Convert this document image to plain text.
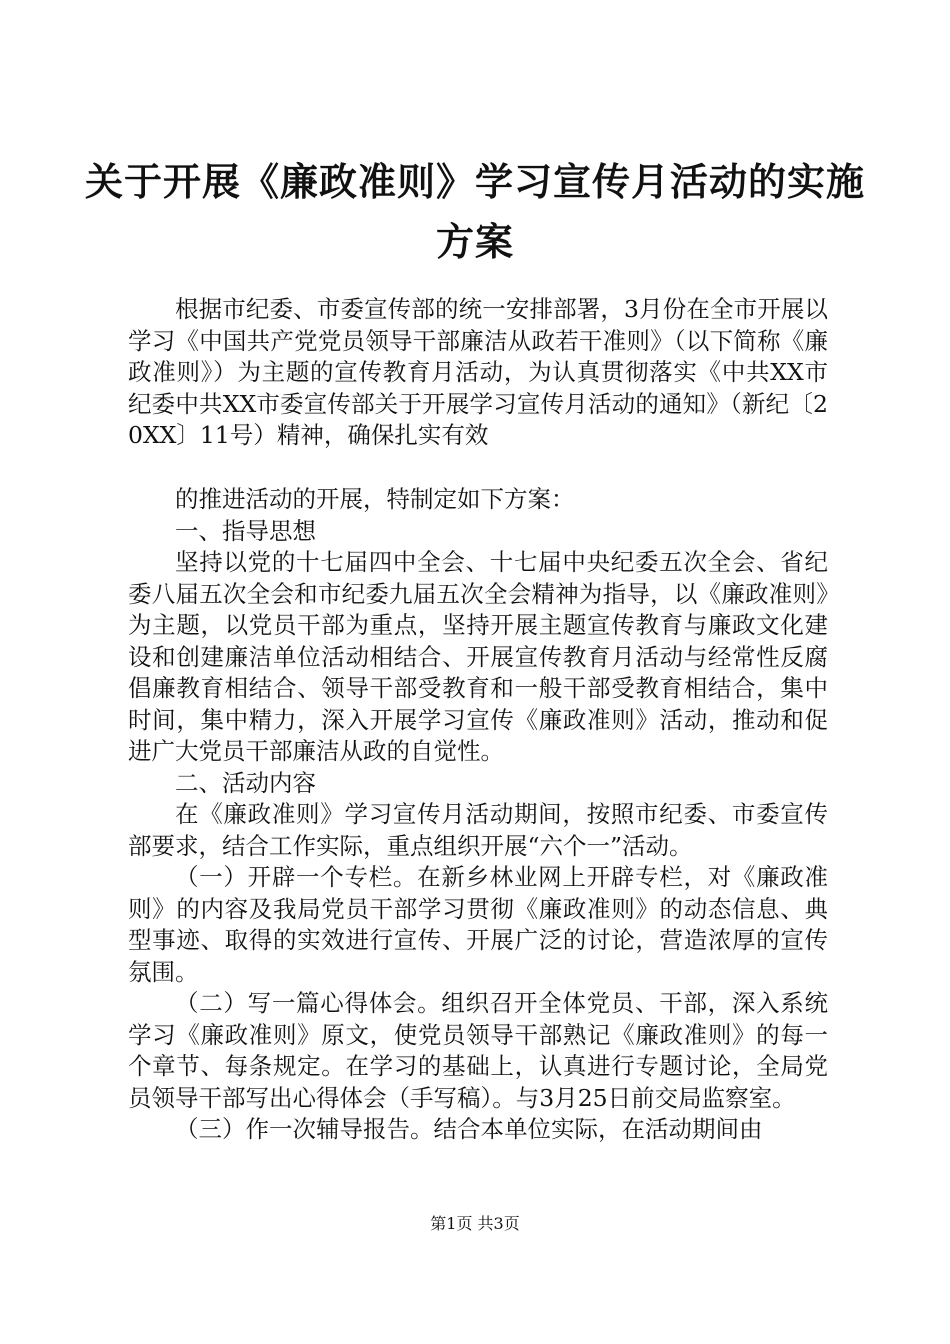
关于开展《廉政准则》学习宣传月活动的实施
方案

根据市纪委、市委宣传部的统一安排部署，3月份在全市开展以学习《中国共产党党员领导干部廉洁从政若干准则》（以下简称《廉政准则》）为主题的宣传教育月活动，为认真贯彻落实《中共XX市纪委中共XX市委宣传部关于开展学习宣传月活动的通知》（新纪〔20XX〕11号）精神，确保扎实有效

的推进活动的开展，特制定如下方案：

一、指导思想

坚持以党的十七届四中全会、十七届中央纪委五次全会、省纪委八届五次全会和市纪委九届五次全会精神为指导，以《廉政准则》为主题，以党员干部为重点，坚持开展主题宣传教育与廉政文化建设和创建廉洁单位活动相结合、开展宣传教育月活动与经常性反腐倡廉教育相结合、领导干部受教育和一般干部受教育相结合，集中时间，集中精力，深入开展学习宣传《廉政准则》活动，推动和促进广大党员干部廉洁从政的自觉性。

二、活动内容

在《廉政准则》学习宣传月活动期间，按照市纪委、市委宣传部要求，结合工作实际，重点组织开展“六个一”活动。

（一）开辟一个专栏。在新乡林业网上开辟专栏，对《廉政准则》的内容及我局党员干部学习贯彻《廉政准则》的动态信息、典型事迹、取得的实效进行宣传、开展广泛的讨论，营造浓厚的宣传氛围。

（二）写一篇心得体会。组织召开全体党员、干部，深入系统学习《廉政准则》原文，使党员领导干部熟记《廉政准则》的每一个章节、每条规定。在学习的基础上，认真进行专题讨论，全局党员领导干部写出心得体会（手写稿）。与3月25日前交局监察室。

（三）作一次辅导报告。结合本单位实际，在活动期间由

第1页 共3页
